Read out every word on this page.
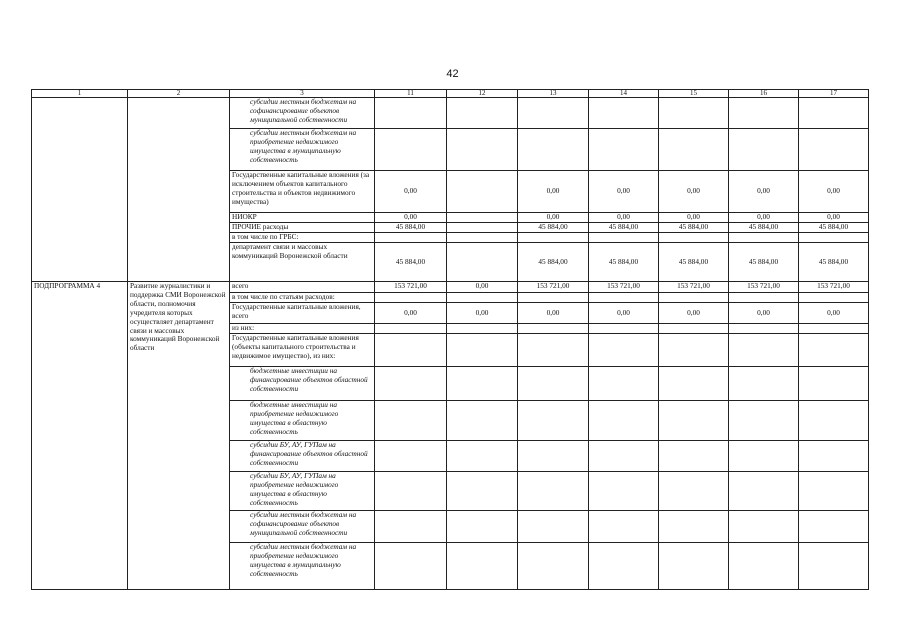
42
1	2	3	11	12	13	14	15	16	17
		субсидии местным бюджетам на софинансирование объектов муниципальной собственности							
		субсидии местным бюджетам на приобретение недвижимого имущества в муниципальную собственность							
		Государственные капитальные вложения (за исключением объектов капитального строительства и объектов недвижимого имущества)	0,00		0,00	0,00	0,00	0,00	0,00
		НИОКР	0,00		0,00	0,00	0,00	0,00	0,00
		ПРОЧИЕ расходы	45 884,00		45 884,00	45 884,00	45 884,00	45 884,00	45 884,00
		в том числе по ГРБС:							
		департамент связи и массовых коммуникаций Воронежской области	45 884,00		45 884,00	45 884,00	45 884,00	45 884,00	45 884,00
ПОДПРОГРАММА 4	Развитие журналистики и поддержка СМИ Воронежской области, полномочия учредителя которых осуществляет департамент связи и массовых коммуникаций Воронежской области	всего	153 721,00	0,00	153 721,00	153 721,00	153 721,00	153 721,00	153 721,00
		в том числе по статьям расходов:							
		Государственные капитальные вложения, всего	0,00	0,00	0,00	0,00	0,00	0,00	0,00
		из них:							
		Государственные капитальные вложения (объекты капитального строительства и недвижимое имущество), из них:							
		бюджетные инвестиции на финансирование объектов областной собственности							
		бюджетные инвестиции на приобретение недвижимого имущества в областную собственность							
		субсидии БУ, АУ, ГУПам на финансирование объектов областной собственности							
		субсидии БУ, АУ, ГУПам на приобретение недвижимого имущества в областную собственность							
		субсидии местным бюджетам на софинансирование объектов муниципальной собственности							
		субсидии местным бюджетам на приобретение недвижимого имущества в муниципальную собственность							
